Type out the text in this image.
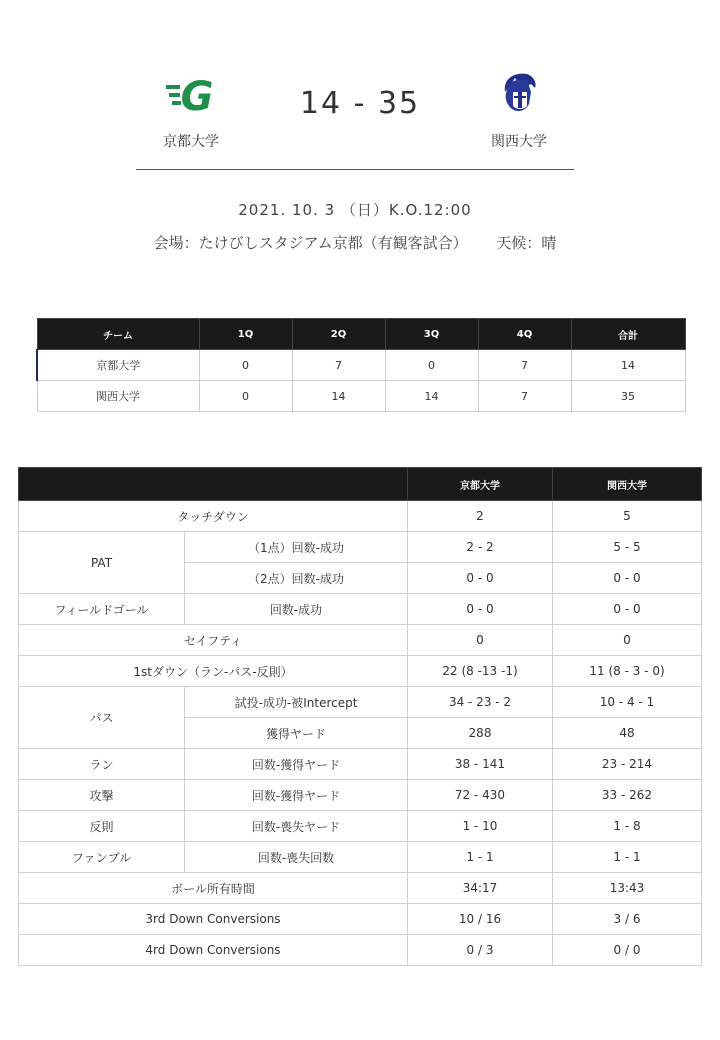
G
京都大学
14 - 35
関西大学
2021. 10. 3 （日）K.O.12:00
会場：たけびしスタジアム京都（有観客試合） 天候：晴
チーム	1Q	2Q	3Q	4Q	合計
京都大学	0	7	0	7	14
関西大学	0	14	14	7	35
		京都大学	関西大学
タッチダウン		2	5
PAT	（1点）回数-成功	2 - 2	5 - 5
	（2点）回数-成功	0 - 0	0 - 0
フィールドゴール	回数-成功	0 - 0	0 - 0
セイフティ		0	0
1stダウン（ラン-パス-反則）		22 (8 -13 -1)	11 (8 - 3 - 0)
パス	試投-成功-被Intercept	34 - 23 - 2	10 - 4 - 1
	獲得ヤード	288	48
ラン	回数-獲得ヤード	38 - 141	23 - 214
攻撃	回数-獲得ヤード	72 - 430	33 - 262
反則	回数-喪失ヤード	1 - 10	1 - 8
ファンブル	回数-喪失回数	1 - 1	1 - 1
ボール所有時間		34:17	13:43
3rd Down Conversions		10 / 16	3 / 6
4rd Down Conversions		0 / 3	0 / 0
